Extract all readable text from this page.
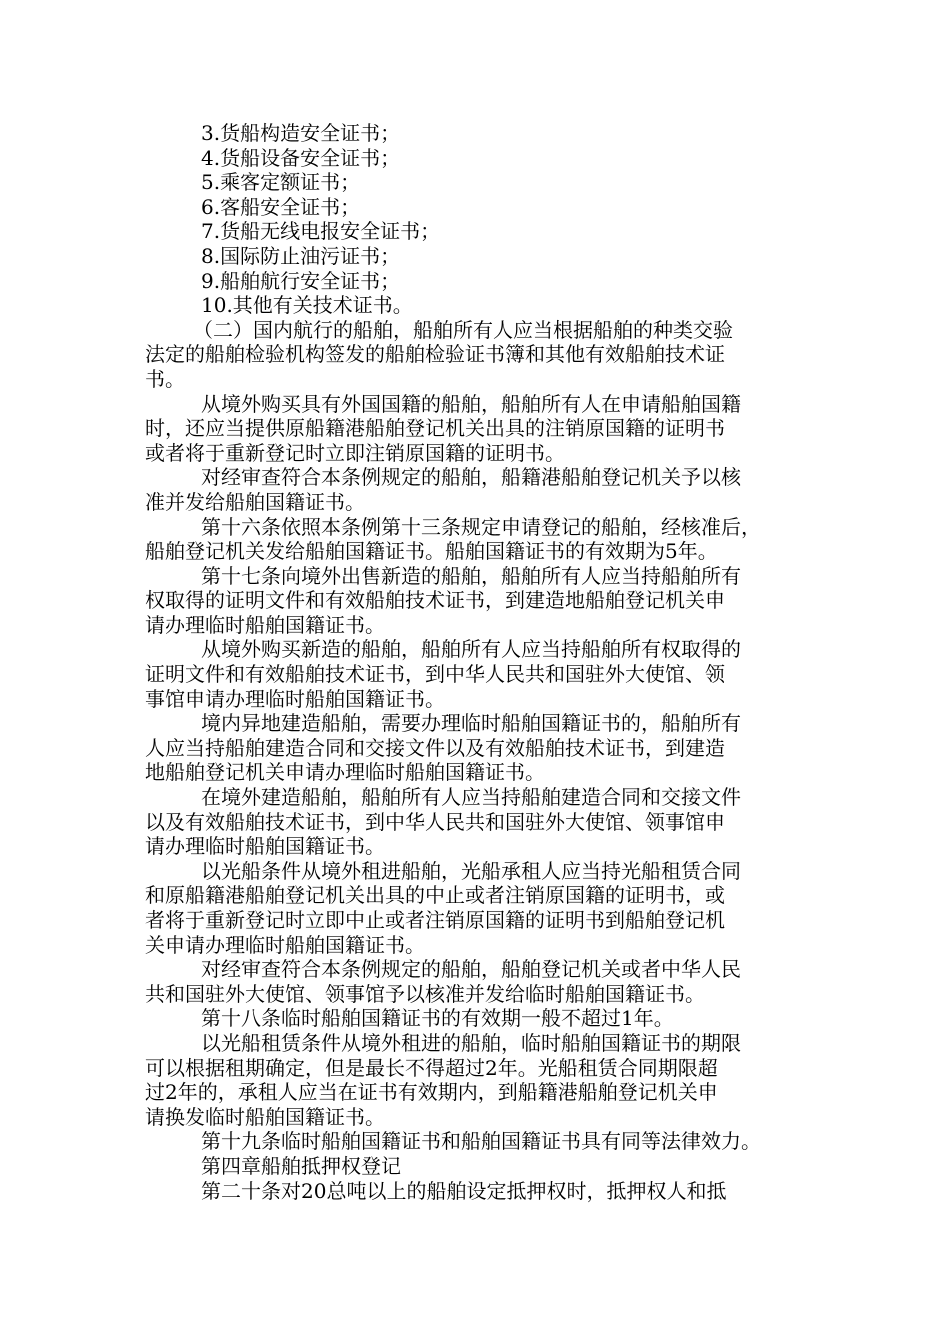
3.货船构造安全证书；

4.货船设备安全证书；

5.乘客定额证书；

6.客船安全证书；

7.货船无线电报安全证书；

8.国际防止油污证书；

9.船舶航行安全证书；

10.其他有关技术证书。

（二）国内航行的船舶，船舶所有人应当根据船舶的种类交验

法定的船舶检验机构签发的船舶检验证书簿和其他有效船舶技术证

书。

从境外购买具有外国国籍的船舶，船舶所有人在申请船舶国籍

时，还应当提供原船籍港船舶登记机关出具的注销原国籍的证明书

或者将于重新登记时立即注销原国籍的证明书。

对经审查符合本条例规定的船舶，船籍港船舶登记机关予以核

准并发给船舶国籍证书。

第十六条依照本条例第十三条规定申请登记的船舶，经核准后，

船舶登记机关发给船舶国籍证书。船舶国籍证书的有效期为5年。

第十七条向境外出售新造的船舶，船舶所有人应当持船舶所有

权取得的证明文件和有效船舶技术证书，到建造地船舶登记机关申

请办理临时船舶国籍证书。

从境外购买新造的船舶，船舶所有人应当持船舶所有权取得的

证明文件和有效船舶技术证书，到中华人民共和国驻外大使馆、领

事馆申请办理临时船舶国籍证书。

境内异地建造船舶，需要办理临时船舶国籍证书的，船舶所有

人应当持船舶建造合同和交接文件以及有效船舶技术证书，到建造

地船舶登记机关申请办理临时船舶国籍证书。

在境外建造船舶，船舶所有人应当持船舶建造合同和交接文件

以及有效船舶技术证书，到中华人民共和国驻外大使馆、领事馆申

请办理临时船舶国籍证书。

以光船条件从境外租进船舶，光船承租人应当持光船租赁合同

和原船籍港船舶登记机关出具的中止或者注销原国籍的证明书，或

者将于重新登记时立即中止或者注销原国籍的证明书到船舶登记机

关申请办理临时船舶国籍证书。

对经审查符合本条例规定的船舶，船舶登记机关或者中华人民

共和国驻外大使馆、领事馆予以核准并发给临时船舶国籍证书。

第十八条临时船舶国籍证书的有效期一般不超过1年。

以光船租赁条件从境外租进的船舶，临时船舶国籍证书的期限

可以根据租期确定，但是最长不得超过2年。光船租赁合同期限超

过2年的，承租人应当在证书有效期内，到船籍港船舶登记机关申

请换发临时船舶国籍证书。

第十九条临时船舶国籍证书和船舶国籍证书具有同等法律效力。

第四章船舶抵押权登记

第二十条对20总吨以上的船舶设定抵押权时，抵押权人和抵
